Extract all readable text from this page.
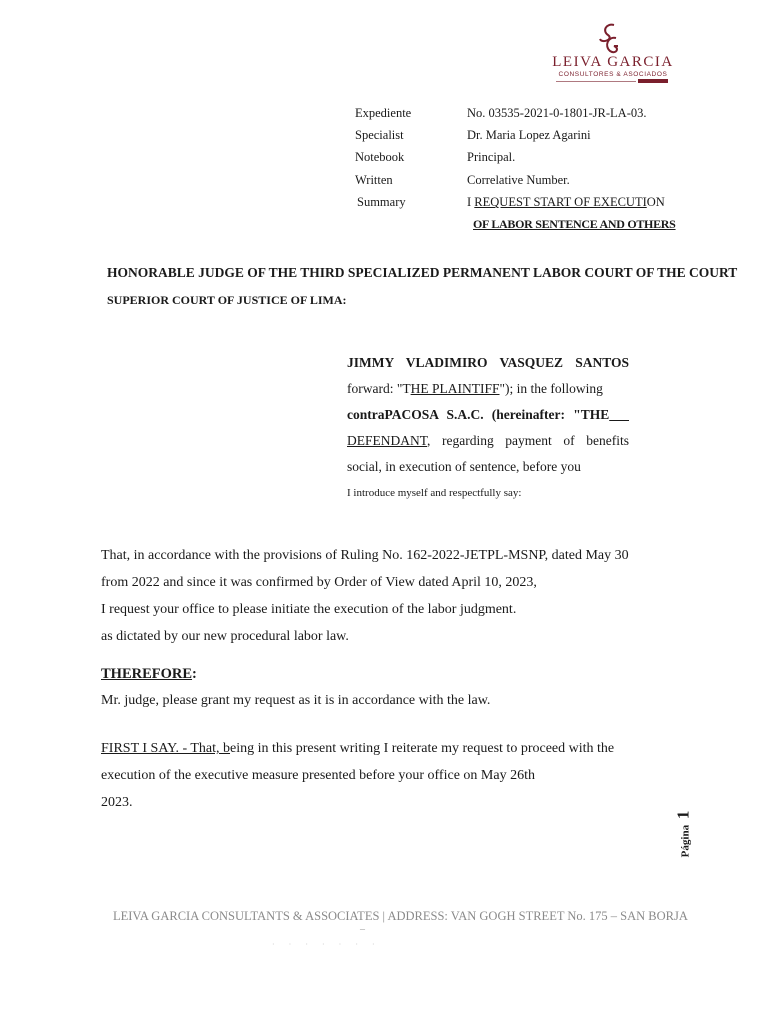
LEIVA GARCIA
CONSULTORES & ASOCIADOS
Expediente	No. 03535-2021-0-1801-JR-LA-03.
Specialist	Dr. Maria Lopez Agarini
Notebook	Principal.
Written	Correlative Number.
Summary	I REQUEST START OF EXECUTION
OF LABOR SENTENCE AND OTHERS
HONORABLE JUDGE OF THE THIRD SPECIALIZED PERMANENT LABOR COURT OF THE COURT
SUPERIOR COURT OF JUSTICE OF LIMA:
JIMMY VLADIMIRO VASQUEZ SANTOS
forward: "THE PLAINTIFF"); in the following
contraPACOSA S.A.C. (hereinafter: "THE
DEFENDANT, regarding payment of benefits
social, in execution of sentence, before you
I introduce myself and respectfully say:
That, in accordance with the provisions of Ruling No. 162-2022-JETPL-MSNP, dated May 30
from 2022 and since it was confirmed by Order of View dated April 10, 2023,
I request your office to please initiate the execution of the labor judgment.
as dictated by our new procedural labor law.
THEREFORE:
Mr. judge, please grant my request as it is in accordance with the law.
FIRST I SAY. - That, being in this present writing I reiterate my request to proceed with the
execution of the executive measure presented before your office on May 26th
2023.
Página 1
LEIVA GARCIA CONSULTANTS & ASSOCIATES | ADDRESS: VAN GOGH STREET No. 175 – SAN BORJA
–
· · · · · · ·
